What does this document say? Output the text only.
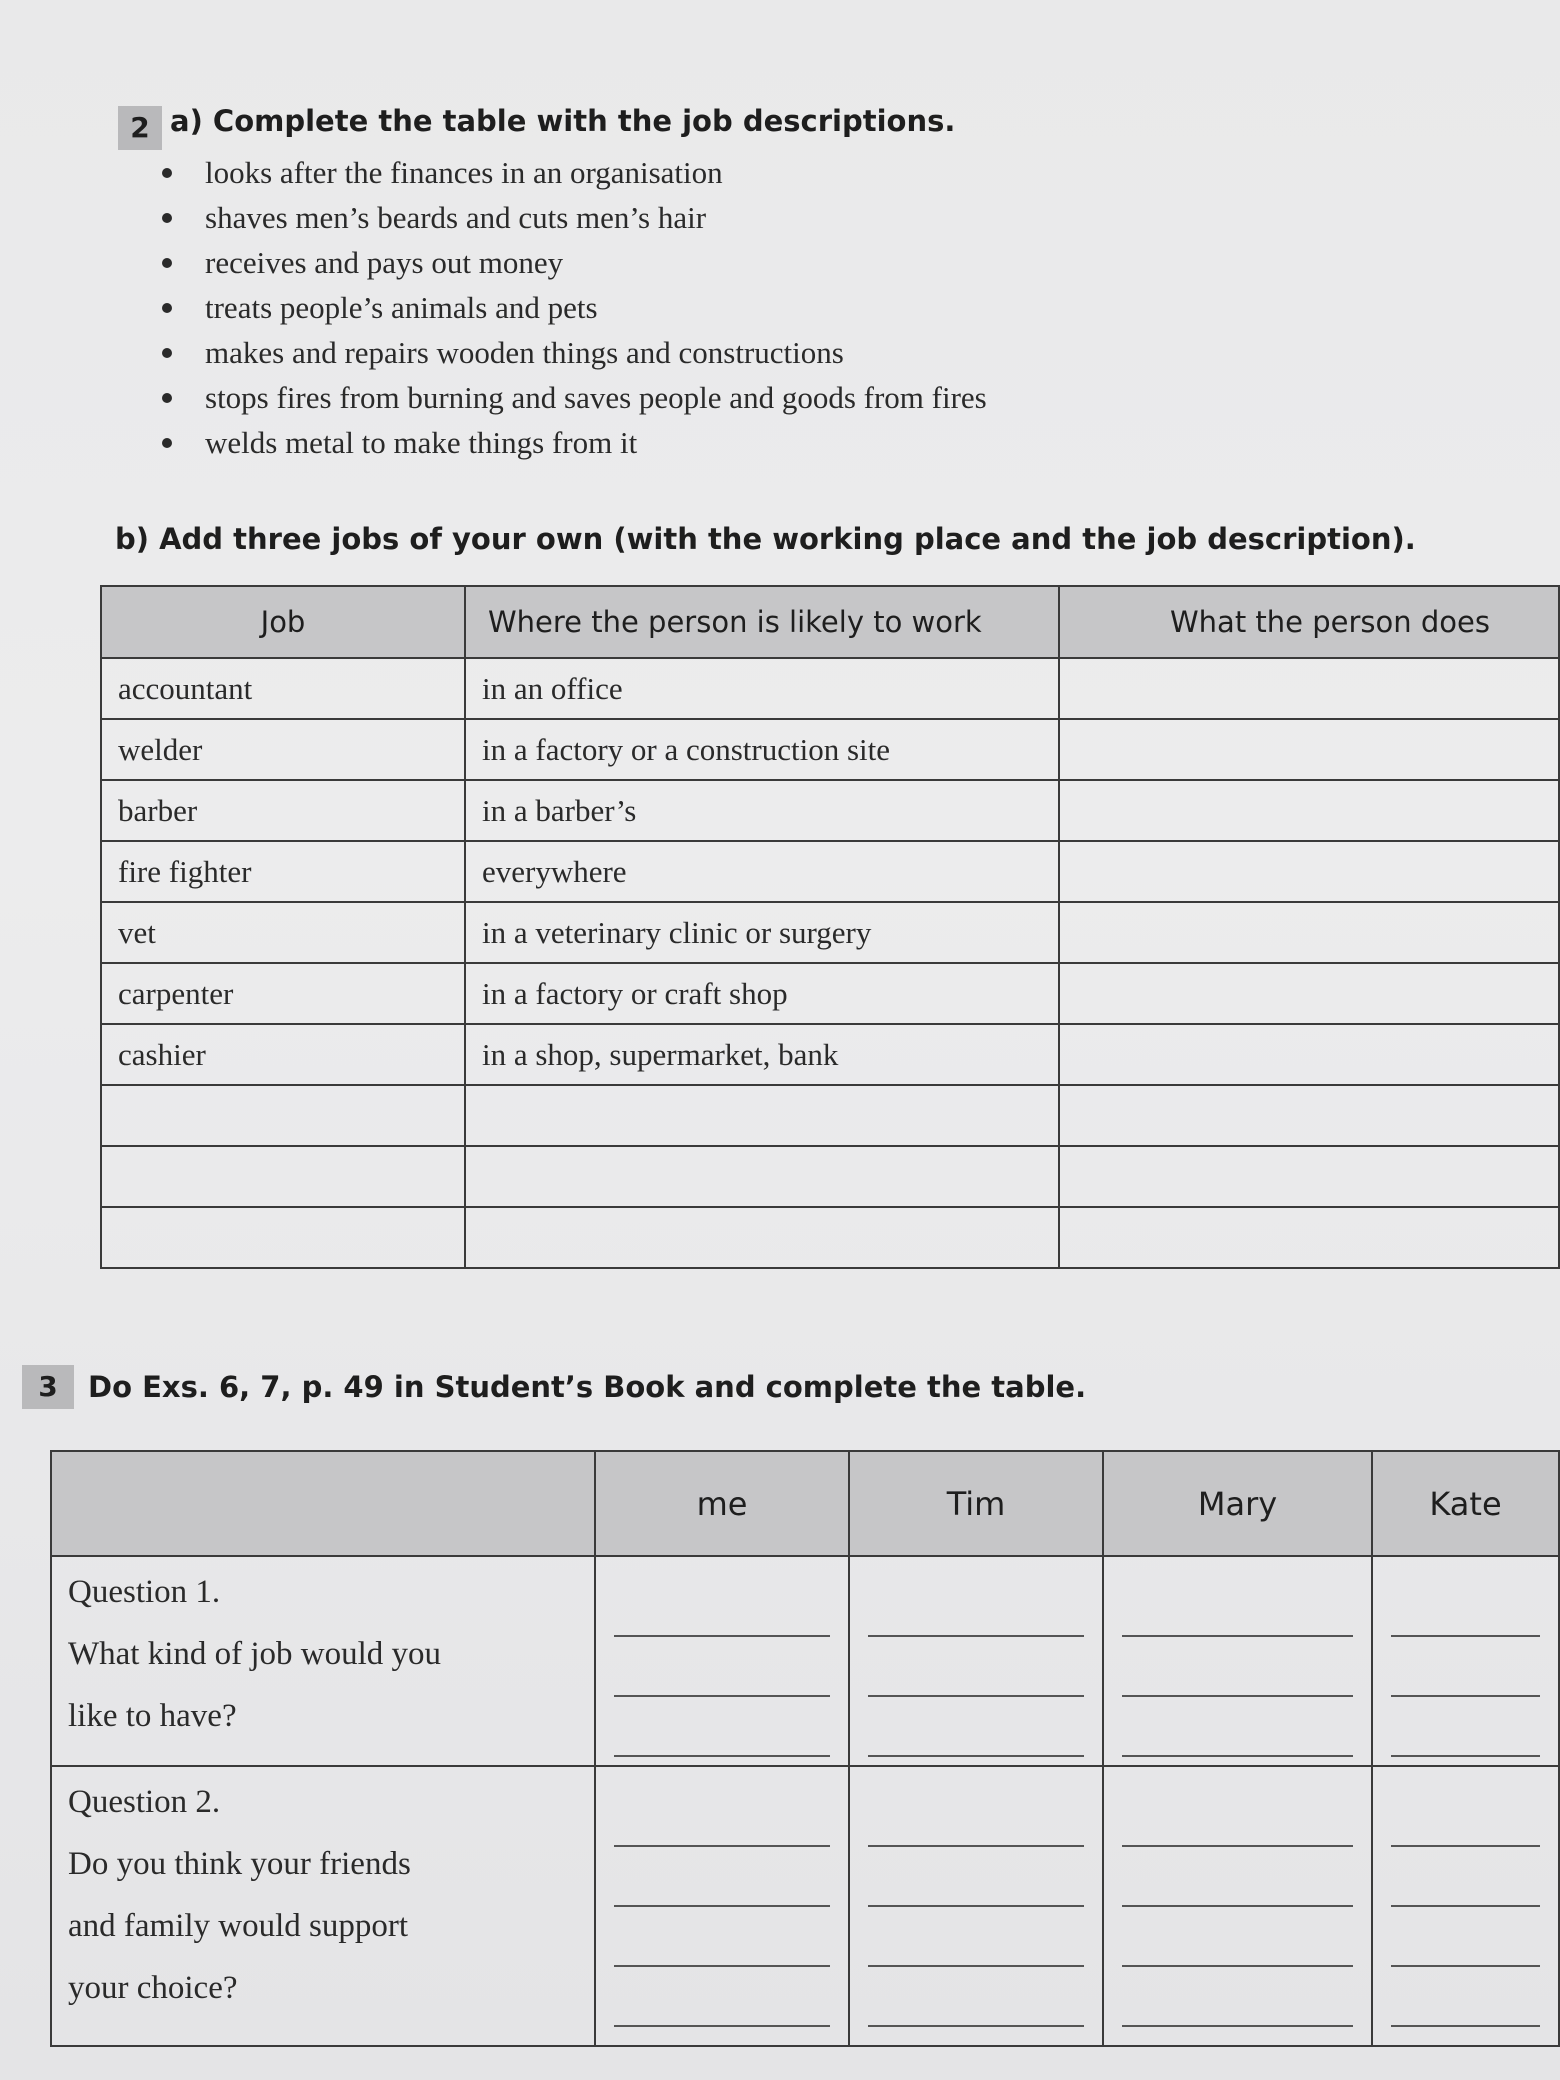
2 a) Complete the table with the job descriptions.
looks after the finances in an organisation
shaves men’s beards and cuts men’s hair
receives and pays out money
treats people’s animals and pets
makes and repairs wooden things and constructions
stops fires from burning and saves people and goods from fires
welds metal to make things from it
b) Add three jobs of your own (with the working place and the job description).
Job	Where the person is likely to work	What the person does
accountant	in an office	
welder	in a factory or a construction site	
barber	in a barber’s	
fire fighter	everywhere	
vet	in a veterinary clinic or surgery	
carpenter	in a factory or craft shop	
cashier	in a shop, supermarket, bank	

3	Do Exs. 6, 7, p. 49 in Student’s Book and complete the table.
	me	Tim	Mary	Kate

Question 1.
What kind of job would you
like to have?				

Question 2.
Do you think your friends
and family would support
your choice?				
